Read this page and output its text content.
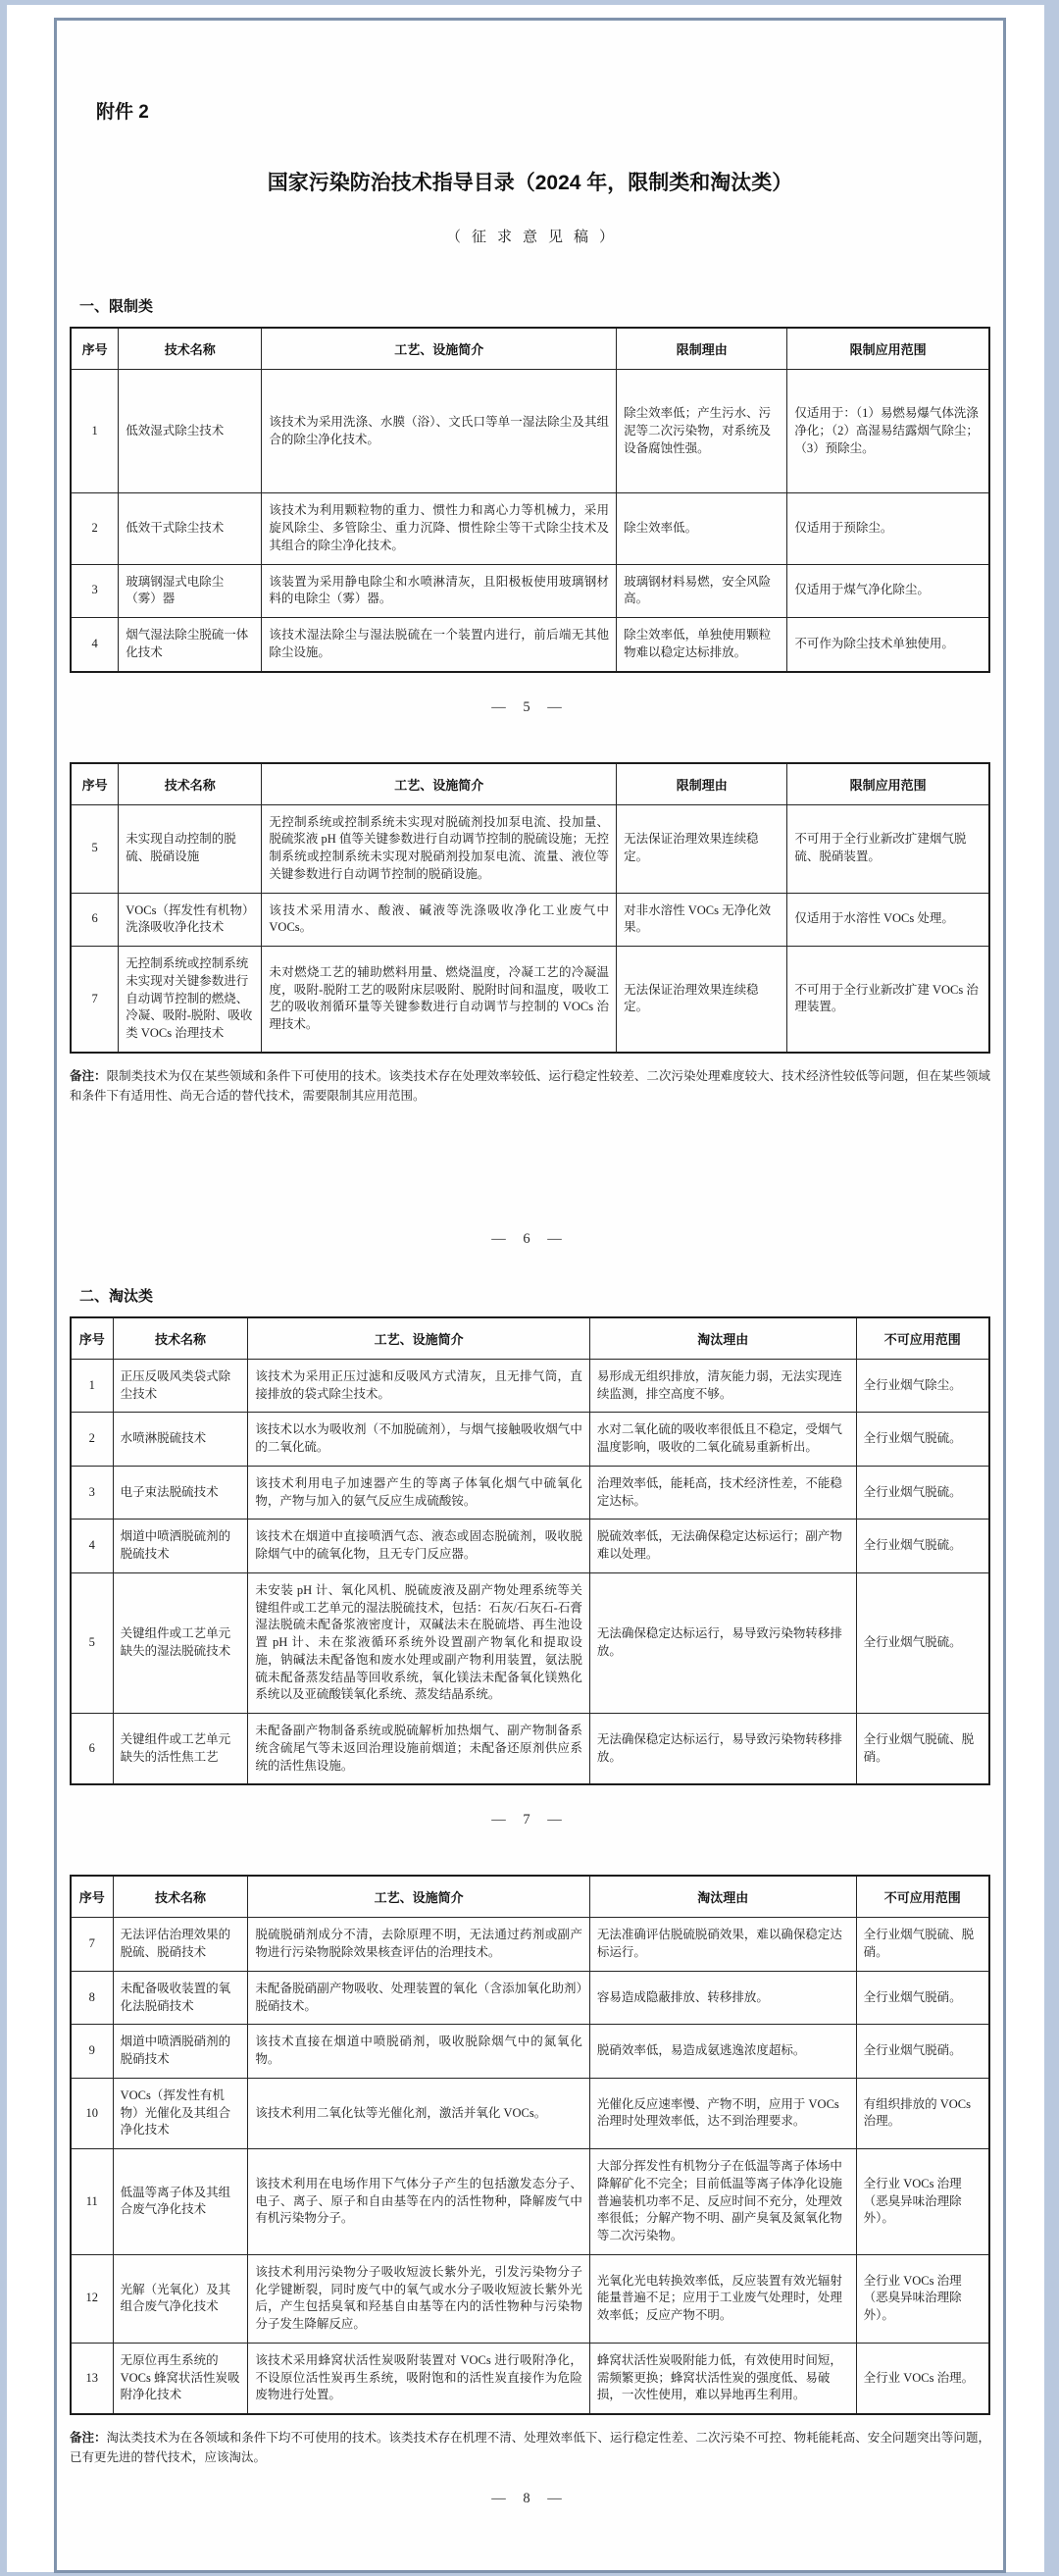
附件 2
国家污染防治技术指导目录（2024 年，限制类和淘汰类）
（征求意见稿）
一、限制类
序号	技术名称	工艺、设施简介	限制理由	限制应用范围
1	低效湿式除尘技术	该技术为采用洗涤、水膜（浴）、文氏口等单一湿法除尘及其组合的除尘净化技术。	除尘效率低；产生污水、污泥等二次污染物，对系统及设备腐蚀性强。	仅适用于：（1）易燃易爆气体洗涤净化；（2）高湿易结露烟气除尘；（3）预除尘。
2	低效干式除尘技术	该技术为利用颗粒物的重力、惯性力和离心力等机械力，采用旋风除尘、多管除尘、重力沉降、惯性除尘等干式除尘技术及其组合的除尘净化技术。	除尘效率低。	仅适用于预除尘。
3	玻璃钢湿式电除尘（雾）器	该装置为采用静电除尘和水喷淋清灰，且阳极板使用玻璃钢材料的电除尘（雾）器。	玻璃钢材料易燃，安全风险高。	仅适用于煤气净化除尘。
4	烟气湿法除尘脱硫一体化技术	该技术湿法除尘与湿法脱硫在一个装置内进行，前后端无其他除尘设施。	除尘效率低，单独使用颗粒物难以稳定达标排放。	不可作为除尘技术单独使用。
— 5 —
序号	技术名称	工艺、设施简介	限制理由	限制应用范围
5	未实现自动控制的脱硫、脱硝设施	无控制系统或控制系统未实现对脱硫剂投加泵电流、投加量、脱硫浆液 pH 值等关键参数进行自动调节控制的脱硫设施；无控制系统或控制系统未实现对脱硝剂投加泵电流、流量、液位等关键参数进行自动调节控制的脱硝设施。	无法保证治理效果连续稳定。	不可用于全行业新改扩建烟气脱硫、脱硝装置。
6	VOCs（挥发性有机物）洗涤吸收净化技术	该技术采用清水、酸液、碱液等洗涤吸收净化工业废气中 VOCs。	对非水溶性 VOCs 无净化效果。	仅适用于水溶性 VOCs 处理。
7	无控制系统或控制系统未实现对关键参数进行自动调节控制的燃烧、冷凝、吸附-脱附、吸收类 VOCs 治理技术	未对燃烧工艺的辅助燃料用量、燃烧温度，冷凝工艺的冷凝温度，吸附-脱附工艺的吸附床层吸附、脱附时间和温度，吸收工艺的吸收剂循环量等关键参数进行自动调节与控制的 VOCs 治理技术。	无法保证治理效果连续稳定。	不可用于全行业新改扩建 VOCs 治理装置。

备注：限制类技术为仅在某些领域和条件下可使用的技术。该类技术存在处理效率较低、运行稳定性较差、二次污染处理难度较大、技术经济性较低等问题，但在某些领域和条件下有适用性、尚无合适的替代技术，需要限制其应用范围。

— 6 —
二、淘汰类
序号	技术名称	工艺、设施简介	淘汰理由	不可应用范围
1	正压反吸风类袋式除尘技术	该技术为采用正压过滤和反吸风方式清灰，且无排气筒，直接排放的袋式除尘技术。	易形成无组织排放，清灰能力弱，无法实现连续监测，排空高度不够。	全行业烟气除尘。
2	水喷淋脱硫技术	该技术以水为吸收剂（不加脱硫剂），与烟气接触吸收烟气中的二氧化硫。	水对二氧化硫的吸收率很低且不稳定，受烟气温度影响，吸收的二氧化硫易重新析出。	全行业烟气脱硫。
3	电子束法脱硫技术	该技术利用电子加速器产生的等离子体氧化烟气中硫氧化物，产物与加入的氨气反应生成硫酸铵。	治理效率低，能耗高，技术经济性差，不能稳定达标。	全行业烟气脱硫。
4	烟道中喷洒脱硫剂的脱硫技术	该技术在烟道中直接喷洒气态、液态或固态脱硫剂，吸收脱除烟气中的硫氧化物，且无专门反应器。	脱硫效率低，无法确保稳定达标运行；副产物难以处理。	全行业烟气脱硫。
5	关键组件或工艺单元缺失的湿法脱硫技术	未安装 pH 计、氧化风机、脱硫废液及副产物处理系统等关键组件或工艺单元的湿法脱硫技术，包括：石灰/石灰石-石膏湿法脱硫未配备浆液密度计，双碱法未在脱硫塔、再生池设置 pH 计、未在浆液循环系统外设置副产物氧化和提取设施，钠碱法未配备饱和废水处理或副产物利用装置，氨法脱硫未配备蒸发结晶等回收系统，氧化镁法未配备氧化镁熟化系统以及亚硫酸镁氧化系统、蒸发结晶系统。	无法确保稳定达标运行，易导致污染物转移排放。	全行业烟气脱硫。
6	关键组件或工艺单元缺失的活性焦工艺	未配备副产物制备系统或脱硫解析加热烟气、副产物制备系统含硫尾气等未返回治理设施前烟道；未配备还原剂供应系统的活性焦设施。	无法确保稳定达标运行，易导致污染物转移排放。	全行业烟气脱硫、脱硝。
— 7 —
序号	技术名称	工艺、设施简介	淘汰理由	不可应用范围
7	无法评估治理效果的脱硫、脱硝技术	脱硫脱硝剂成分不清，去除原理不明，无法通过药剂或副产物进行污染物脱除效果核查评估的治理技术。	无法准确评估脱硫脱硝效果，难以确保稳定达标运行。	全行业烟气脱硫、脱硝。
8	未配备吸收装置的氧化法脱硝技术	未配备脱硝副产物吸收、处理装置的氧化（含添加氧化助剂）脱硝技术。	容易造成隐蔽排放、转移排放。	全行业烟气脱硝。
9	烟道中喷洒脱硝剂的脱硝技术	该技术直接在烟道中喷脱硝剂，吸收脱除烟气中的氮氧化物。	脱硝效率低，易造成氨逃逸浓度超标。	全行业烟气脱硝。
10	VOCs（挥发性有机物）光催化及其组合净化技术	该技术利用二氧化钛等光催化剂，激活并氧化 VOCs。	光催化反应速率慢、产物不明，应用于 VOCs 治理时处理效率低，达不到治理要求。	有组织排放的 VOCs 治理。
11	低温等离子体及其组合废气净化技术	该技术利用在电场作用下气体分子产生的包括激发态分子、电子、离子、原子和自由基等在内的活性物种，降解废气中有机污染物分子。	大部分挥发性有机物分子在低温等离子体场中降解矿化不完全；目前低温等离子体净化设施普遍装机功率不足、反应时间不充分，处理效率很低；分解产物不明、副产臭氧及氮氧化物等二次污染物。	全行业 VOCs 治理（恶臭异味治理除外）。
12	光解（光氧化）及其组合废气净化技术	该技术利用污染物分子吸收短波长紫外光，引发污染物分子化学键断裂，同时废气中的氧气或水分子吸收短波长紫外光后，产生包括臭氧和羟基自由基等在内的活性物种与污染物分子发生降解反应。	光氧化光电转换效率低，反应装置有效光辐射能量普遍不足；应用于工业废气处理时，处理效率低；反应产物不明。	全行业 VOCs 治理（恶臭异味治理除外）。
13	无原位再生系统的 VOCs 蜂窝状活性炭吸附净化技术	该技术采用蜂窝状活性炭吸附装置对 VOCs 进行吸附净化，不设原位活性炭再生系统，吸附饱和的活性炭直接作为危险废物进行处置。	蜂窝状活性炭吸附能力低，有效使用时间短，需频繁更换；蜂窝状活性炭的强度低、易破损，一次性使用，难以异地再生利用。	全行业 VOCs 治理。

备注：淘汰类技术为在各领域和条件下均不可使用的技术。该类技术存在机理不清、处理效率低下、运行稳定性差、二次污染不可控、物耗能耗高、安全问题突出等问题，已有更先进的替代技术，应该淘汰。

— 8 —
